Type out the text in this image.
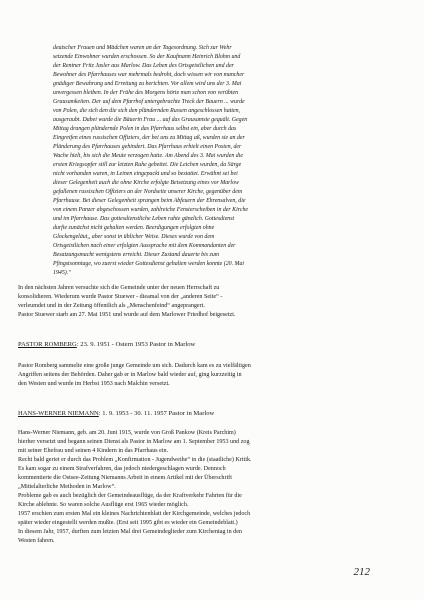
deutscher Frauen und Mädchen waren an der Tagesordnung. Sich zur Wehr
setzende Einwohner wurden erschossen. So der Kaufmann Heinrich Blohm und
der Rentner Fritz Jasler aus Marlow. Das Leben des Ortsgeistlichen und der
Bewohner des Pfarrhauses war mehrmals bedroht, doch wissen wir von mancher
gnädiger Bewahrung und Errettung zu berichten. Vor allem wird uns der 3. Mai
unvergessen bleiben. In der Frühe des Morgens hörte man schon von verübten
Grausamkeiten. Der auf dem Pfarrhof untergebrachte Treck der Bauern ... wurde
von Polen, die sich den die sich den plündernden Russen angeschlossen hatten,
ausgeraubt. Dabei wurde die Bäuerin Frau ... auf das Grausamste gequält. Gegen
Mittag drangen plündernde Polen in das Pfarrhaus selbst ein, aber durch das
Eingreifen eines russischen Offiziers, der bei uns zu Mittag aß, wurden sie an der
Plünderung des Pfarrhauses gehindert. Das Pfarrhaus erhielt einen Posten, der
Wache hielt, bis sich die Meute verzogen hatte. Am Abend des 3. Mai wurden die
ersten Kriegsopfer still zur letzten Ruhe gebettet. Die Leichen wurden, da Särge
nicht vorhanden waren, in Leinen eingepackt und so bestattet. Erwähnt sei bei
dieser Gelegenheit auch die ohne Kirche erfolgte Beisetzung eines vor Marlow
gefallenen russischen Offiziers an der Nordseite unserer Kirche, gegenüber dem
Pfarrhause. Bei dieser Gelegenheit sprangen beim Abfeuern der Ehrensalven, die
von einem Panzer abgeschossen wurden, zahlreiche Fensterscheiben in der Kirche
und im Pfarrhause. Das gottesdienstliche Leben ruhte gänzlich. Gottesdienst
durfte zunächst nicht gehalten werden. Beerdigungen erfolgten ohne
Glockengeläut,, aber sonst in üblicher Weise. Dieses wurde von dem
Ortsgeistlichen nach einer erfolgten Aussprache mit dem Kommandanten der
Besatzungsmacht wenigstens erreicht. Dieser Zustand dauerte bis zum
Pfingstsonntage, wo zuerst wieder Gottesdienst gehalten werden konnte (20. Mai
1945)."
In den nächsten Jahren versuchte sich die Gemeinde unter der neuen Herrschaft zu
konsolidieren. Wiederum wurde Pastor Stuewer - dieamal von der „anderen Seite“ -
verleumdet und in der Zeitung öffentlich als „Menschenfeind“ angeprangert.
Pastor Stuewer starb am 27. Mai 1951 und wurde auf dem Marlower Friedhof beigesetzt.
PASTOR ROMBERG: 23. 9. 1951 - Ostern 1953 Pastor in Marlow
Pastor Romberg sammelte eine große junge Gemeinde um sich. Dadurch kam es zu vielfältigen
Angriffen seitens der Behörden. Daher gab er in Marlow bald wieder auf, ging kurzzeitig in
den Westen und wurde im Herbst 1953 nach Malchin versetzt.
HANS-WERNER NIEMANN: 1. 9. 1953 - 30. 11. 1957 Pastor in Marlow
Hans-Werner Niemann, geb. am 20. Juni 1915, wurde von Groß Pankow (Kreis Parchim)
hierher versetzt und begann seinen Dienst als Pastor in Marlow am 1. September 1953 und zog
mit seiner Ehefrau und seinen 4 Kindern in das Pfarrhaus ein.
Recht bald geriet er durch das Problem „Konfirmation - Jugendweihe“ in die (staatliche) Kritik.
Es kam sogar zu einem Strafverfahren, das jedoch niedergeschlagen wurde. Dennoch
kommentierte die Ostsee-Zeitung Niemanns Arbeit in einem Artikel mit der Überschrift
„Mittelalterliche Methoden in Marlow“.
Probleme gab es auch bezüglich der Gemeindeausflüge, da der Kraftverkehr Fahrten für die
Kirche ablehnte. So waren solche Ausflüge erst 1965 wieder möglich.
1957 erschien zum ersten Mal ein kleines Nachrichtenblatt der Kirchgemeinde, welches jedoch
später wieder eingestellt werden mußte. (Erst seit 1995 gibt es wieder ein Gemeindeblatt.)
In diesem Jahr, 1957, durften zum letzten Mal drei Gemeindeglieder zum Kirchentag in den
Westen fahren.
212
